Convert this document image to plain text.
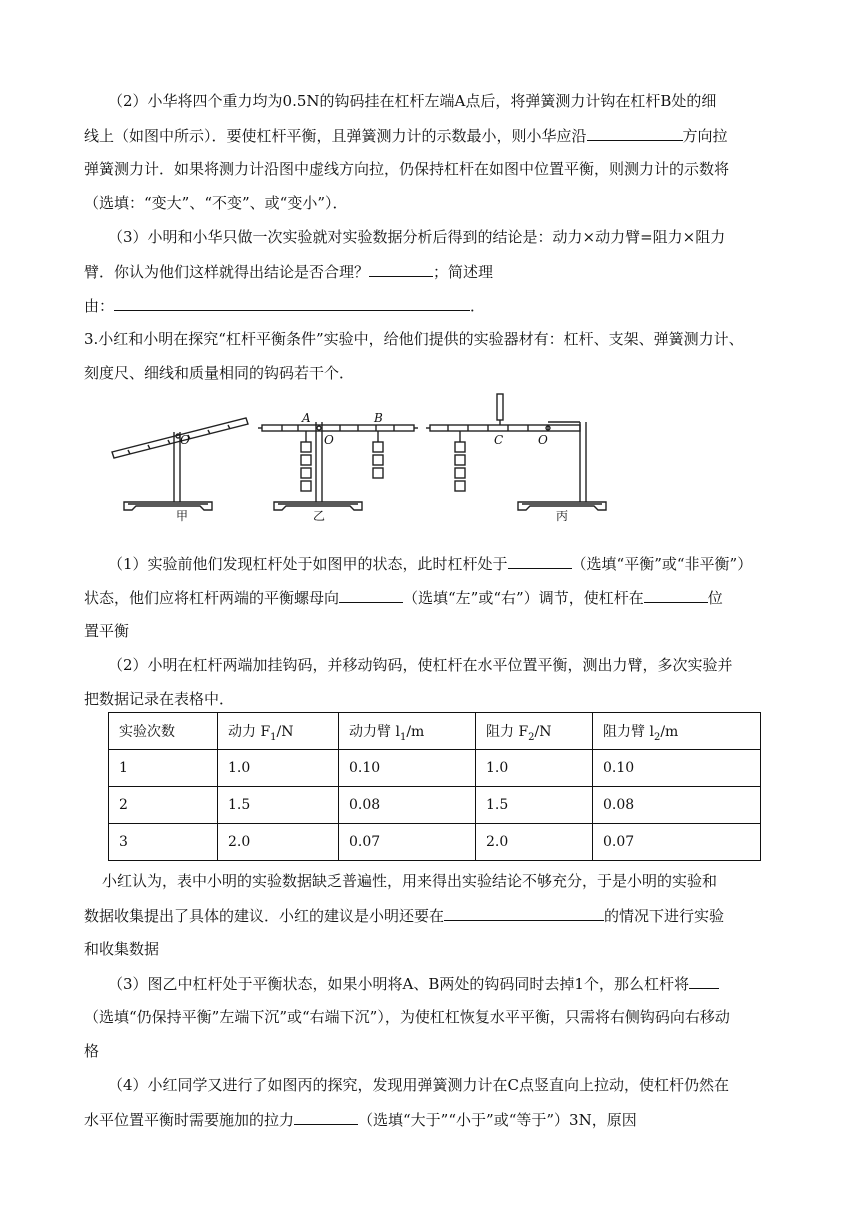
（2）小华将四个重力均为0.5N的钩码挂在杠杆左端A点后，将弹簧测力计钩在杠杆B处的细
线上（如图中所示）．要使杠杆平衡，且弹簧测力计的示数最小，则小华应沿	方向拉
弹簧测力计．如果将测力计沿图中虚线方向拉，仍保持杠杆在如图中位置平衡，则测力计的示数将
（选填：“变大”、“不变”、或“变小”）．
（3）小明和小华只做一次实验就对实验数据分析后得到的结论是：动力×动力臂=阻力×阻力
臂．你认为他们这样就得出结论是否合理？	；简述理
由：	．
3.小红和小明在探究“杠杆平衡条件”实验中，给他们提供的实验器材有：杠杆、支架、弹簧测力计、
刻度尺、细线和质量相同的钩码若干个．
甲	乙	丙
O
A	B
O	C	O
（1）实验前他们发现杠杆处于如图甲的状态，此时杠杆处于	（选填“平衡”或“非平衡”）
状态，他们应将杠杆两端的平衡螺母向	（选填“左”或“右”）调节，使杠杆在	位
置平衡
（2）小明在杠杆两端加挂钩码，并移动钩码，使杠杆在水平位置平衡，测出力臂，多次实验并
把数据记录在表格中．
实验次数	动力 $F_1/N$	动力臂 $l_1/m$	阻力 $F_2/N$	阻力臂 $l_2/m$
1	1.0	0.10	1.0	0.10
2	1.5	0.08	1.5	0.08
3	2.0	0.07	2.0	0.07
小红认为，表中小明的实验数据缺乏普遍性，用来得出实验结论不够充分，于是小明的实验和
数据收集提出了具体的建议．小红的建议是小明还要在	的情况下进行实验
和收集数据
（3）图乙中杠杆处于平衡状态，如果小明将A、B两处的钩码同时去掉1个，那么杠杆将
（选填“仍保持平衡”左端下沉”或“右端下沉”），为使杠杠恢复水平平衡，只需将右侧钩码向右移动
格
（4）小红同学又进行了如图丙的探究，发现用弹簧测力计在C点竖直向上拉动，使杠杆仍然在
水平位置平衡时需要施加的拉力	（选填“大于”“小于”或“等于”）3N，原因
